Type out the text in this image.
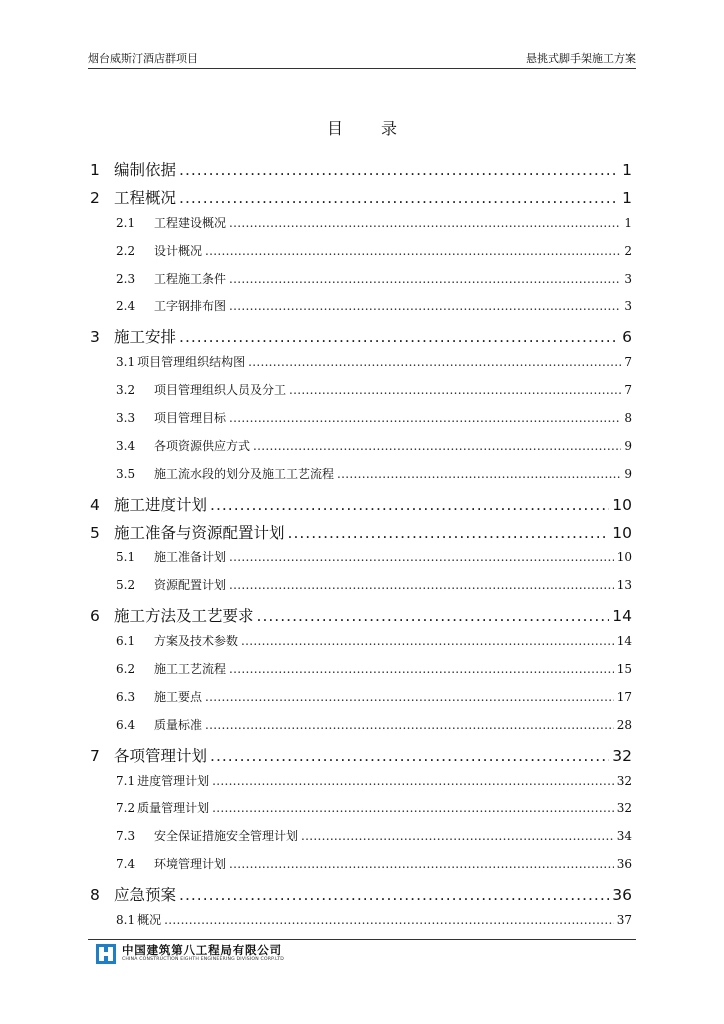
烟台威斯汀酒店群项目	悬挑式脚手架施工方案
目录
1 编制依据 .....	1
2 工程概况 .....	1
2.1	工程建设概况 .....	1
2.2	设计概况 .....	2
2.3	工程施工条件 .....	3
2.4	工字钢排布图 .....	3
3 施工安排 .....	6
3.1 项目管理组织结构图 .....	7
3.2	项目管理组织人员及分工 .....	7
3.3	项目管理目标 .....	8
3.4	各项资源供应方式 .....	9
3.5	施工流水段的划分及施工工艺流程 .....	9
4 施工进度计划 .....	10
5 施工准备与资源配置计划 .....	10
5.1	施工准备计划 .....	10
5.2	资源配置计划 .....	13
6 施工方法及工艺要求 .....	14
6.1	方案及技术参数 .....	14
6.2	施工工艺流程 .....	15
6.3	施工要点 .....	17
6.4	质量标准 .....	28
7 各项管理计划 .....	32
7.1 进度管理计划 .....	32
7.2 质量管理计划 .....	32
7.3	安全保证措施安全管理计划 .....	34
7.4	环境管理计划 .....	36
8 应急预案 .....	36
8.1 概况 .....	37
中国建筑第八工程局有限公司
CHINA CONSTRUCTION EIGHTH ENGINEERING DIVISION CORP.LTD
